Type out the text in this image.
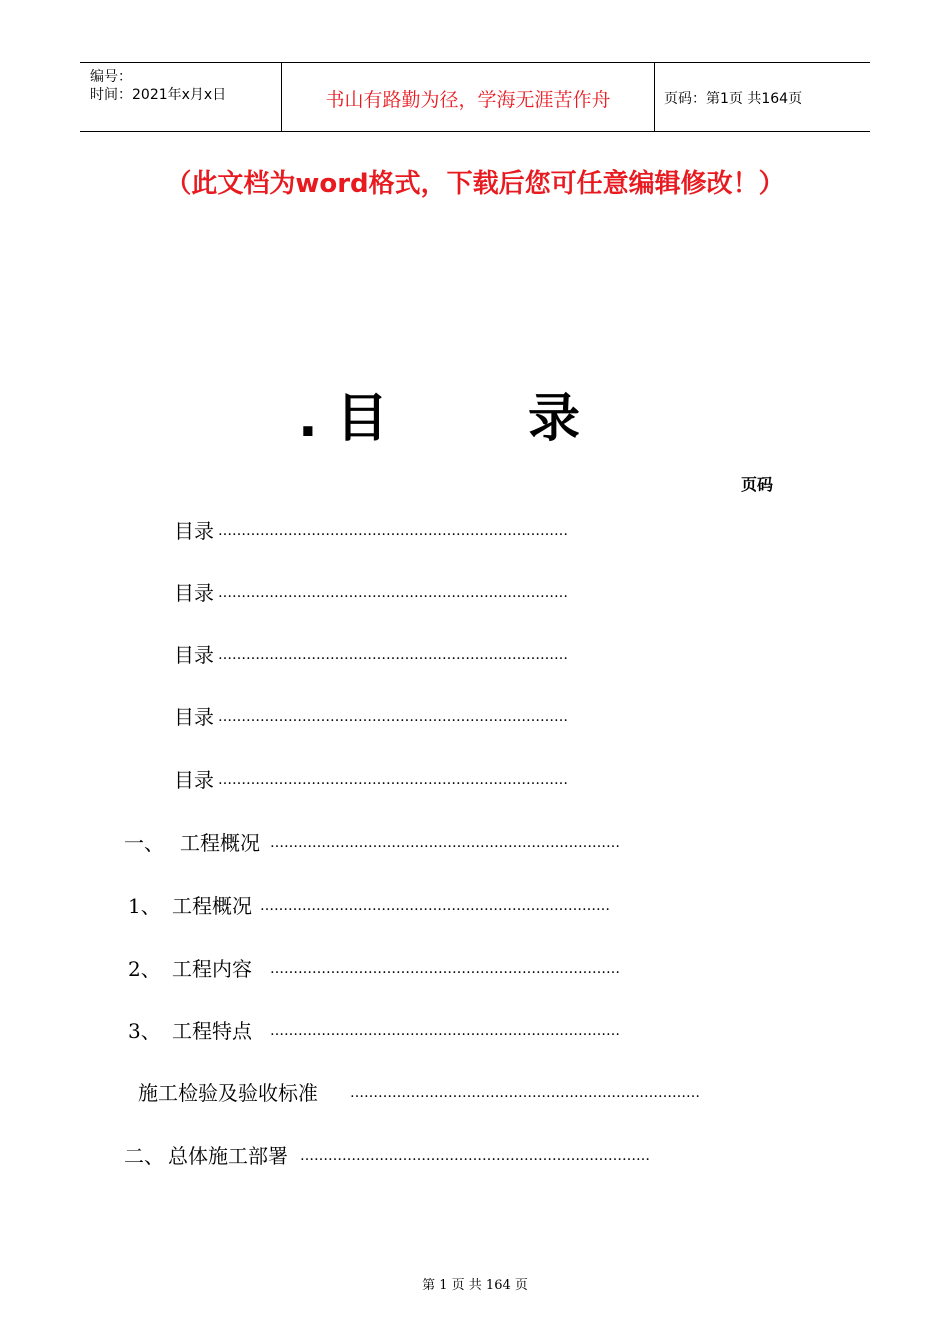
编号：
时间：2021年x月x日	书山有路勤为径，学海无涯苦作舟	页码：第1页 共164页
（此文档为word格式，下载后您可任意编辑修改！）
. 目	录
页码
目录 …………………………………………………………………
目录 …………………………………………………………………
目录 …………………………………………………………………
目录 …………………………………………………………………
目录 …………………………………………………………………
一、 工程概况 …………………………………………………………………
1、 工程概况 …………………………………………………………………
2、 工程内容 …………………………………………………………………
3、 工程特点 …………………………………………………………………
施工检验及验收标准 …………………………………………………………………
二、 总体施工部署 …………………………………………………………………
第 1 页 共 164 页
